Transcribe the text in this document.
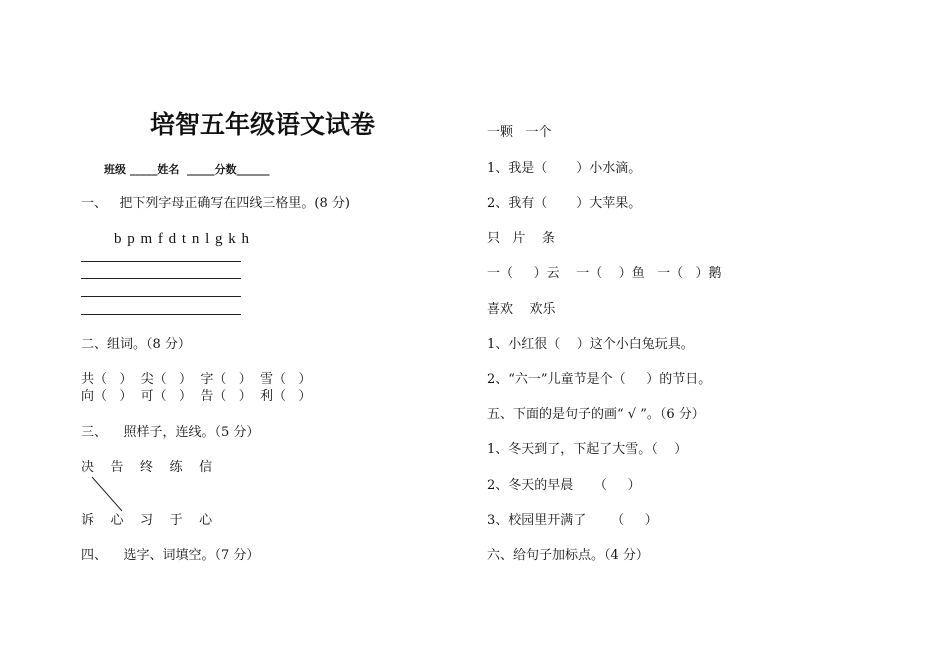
培智五年级语文试卷
班级 _____姓名  _____分数______
一、   把下列字母正确写在四线三格里。(8 分)
b p m f d t n l g k h
二、组词。（8 分）
共（   ）  尖（   ）  字（   ）  雪（   ）
向（   ）  可（   ）  告（   ）  利（   ）
三、    照样子，连线。（5 分）
决    告    终    练    信
诉    心    习    于    心
四、    选字、词填空。（7 分）
一颗   一个
1、我是（       ）小水滴。
2、我有（       ）大苹果。
只   片    条
一（     ）云    一（    ）鱼   一（   ）鹅
喜欢    欢乐
1、小红很（    ）这个小白兔玩具。
2、“六一”儿童节是个（     ）的节日。
五、下面的是句子的画“ √ ”。（6 分）
1、冬天到了，下起了大雪。（    ）
2、冬天的早晨     （     ）
3、校园里开满了      （     ）
六、给句子加标点。（4 分）
